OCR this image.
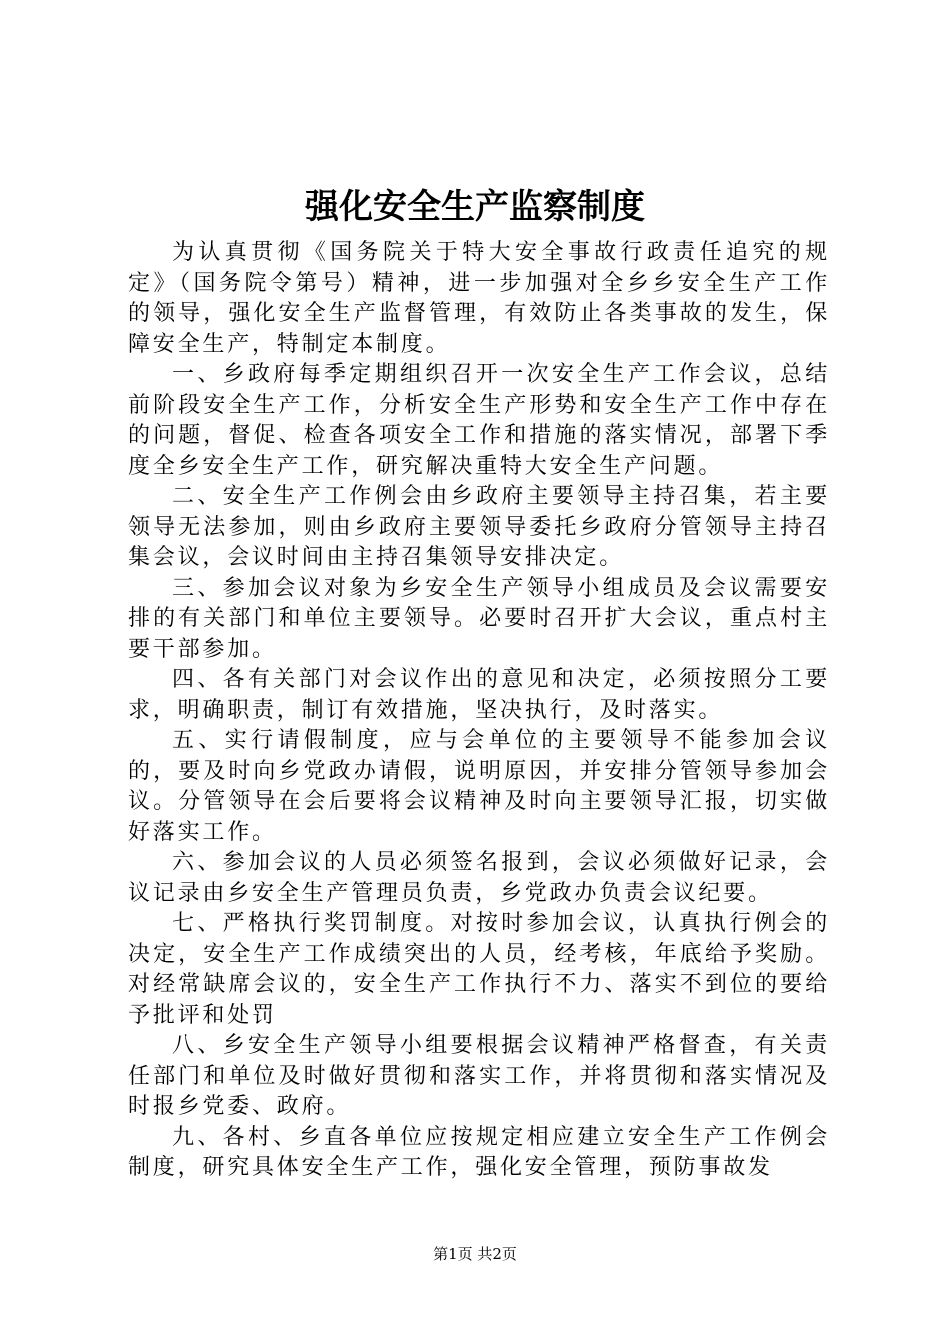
强化安全生产监察制度

为认真贯彻《国务院关于特大安全事故行政责任追究的规定》（国务院令第号）精神，进一步加强对全乡乡安全生产工作的领导，强化安全生产监督管理，有效防止各类事故的发生，保障安全生产，特制定本制度。

一、乡政府每季定期组织召开一次安全生产工作会议，总结前阶段安全生产工作，分析安全生产形势和安全生产工作中存在的问题，督促、检查各项安全工作和措施的落实情况，部署下季度全乡安全生产工作，研究解决重特大安全生产问题。

二、安全生产工作例会由乡政府主要领导主持召集，若主要领导无法参加，则由乡政府主要领导委托乡政府分管领导主持召集会议，会议时间由主持召集领导安排决定。

三、参加会议对象为乡安全生产领导小组成员及会议需要安排的有关部门和单位主要领导。必要时召开扩大会议，重点村主要干部参加。

四、各有关部门对会议作出的意见和决定，必须按照分工要求，明确职责，制订有效措施，坚决执行，及时落实。

五、实行请假制度，应与会单位的主要领导不能参加会议的，要及时向乡党政办请假，说明原因，并安排分管领导参加会议。分管领导在会后要将会议精神及时向主要领导汇报，切实做好落实工作。

六、参加会议的人员必须签名报到，会议必须做好记录，会议记录由乡安全生产管理员负责，乡党政办负责会议纪要。

七、严格执行奖罚制度。对按时参加会议，认真执行例会的决定，安全生产工作成绩突出的人员，经考核，年底给予奖励。对经常缺席会议的，安全生产工作执行不力、落实不到位的要给予批评和处罚

八、乡安全生产领导小组要根据会议精神严格督查，有关责任部门和单位及时做好贯彻和落实工作，并将贯彻和落实情况及时报乡党委、政府。

九、各村、乡直各单位应按规定相应建立安全生产工作例会制度，研究具体安全生产工作，强化安全管理，预防事故发

第1页 共2页
